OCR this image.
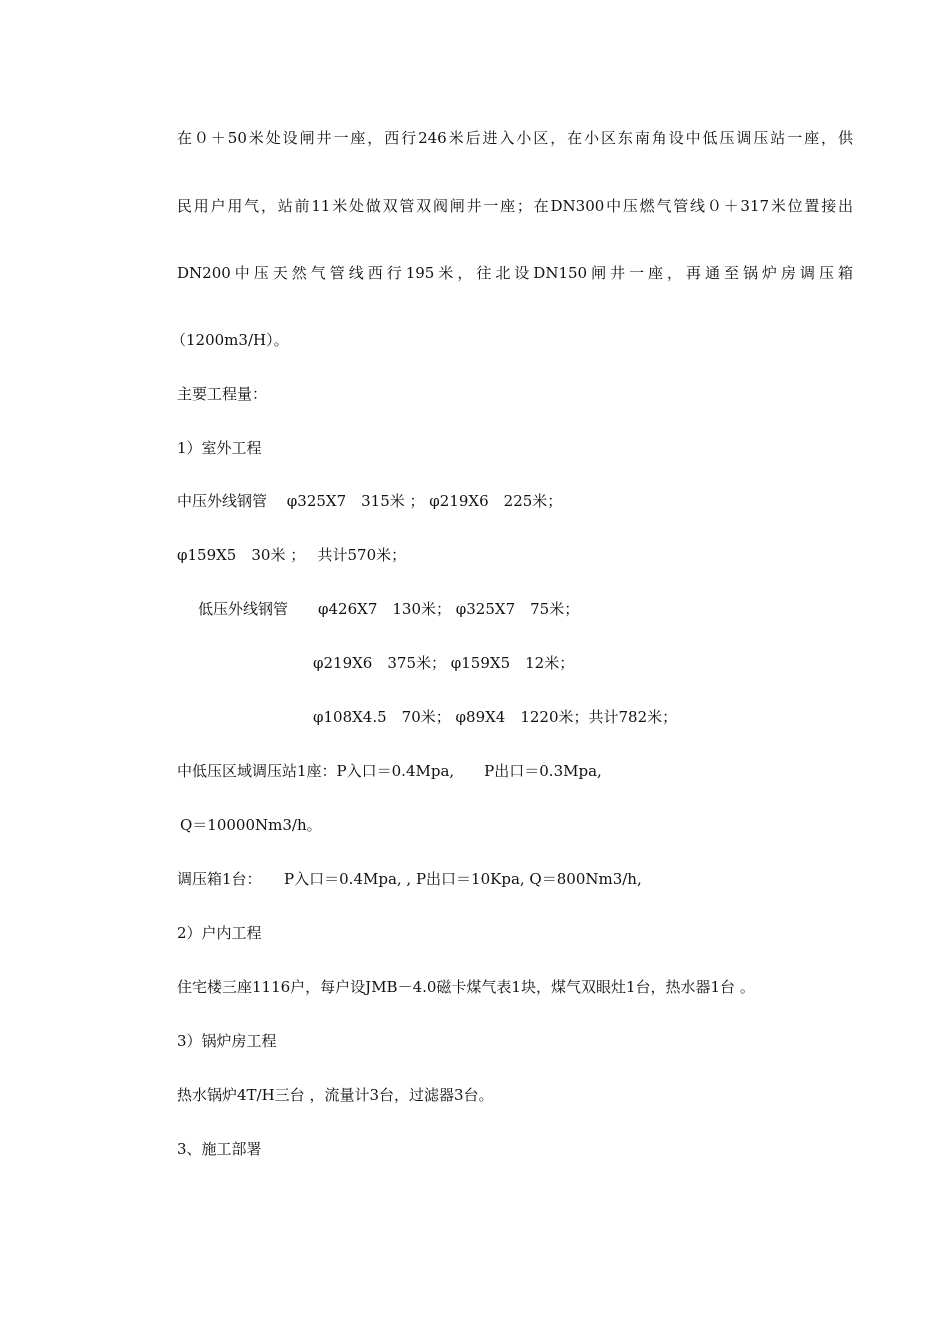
在０＋50米处设闸井一座，西行246米后进入小区，在小区东南角设中低压调压站一座，供
民用户用气，站前11米处做双管双阀闸井一座；在DN300中压燃气管线０＋317米位置接出
DN200中压天然气管线西行195米，往北设DN150闸井一座，再通至锅炉房调压箱
（1200m3/H）。
主要工程量：
1）室外工程
中压外线钢管　 φ325X7　315米 ； φ219X6　225米；
φ159X5　30米 ；　 共计570米；
低压外线钢管　　φ426X7　130米； φ325X7　75米；
φ219X6　375米； φ159X5　12米；
φ108X4.5　70米； φ89X4　1220米；共计782米；
中低压区域调压站1座：P入口＝0.4Mpa,　　P出口＝0.3Mpa,
Q＝10000Nm3/h。
调压箱1台：　　P入口＝0.4Mpa, , P出口＝10Kpa, Q＝800Nm3/h,
2）户内工程
住宅楼三座1116户，每户设JMB－4.0磁卡煤气表1块，煤气双眼灶1台，热水器1台 。
3）锅炉房工程
热水锅炉4T/H三台 ，流量计3台，过滤器3台。
3、施工部署
